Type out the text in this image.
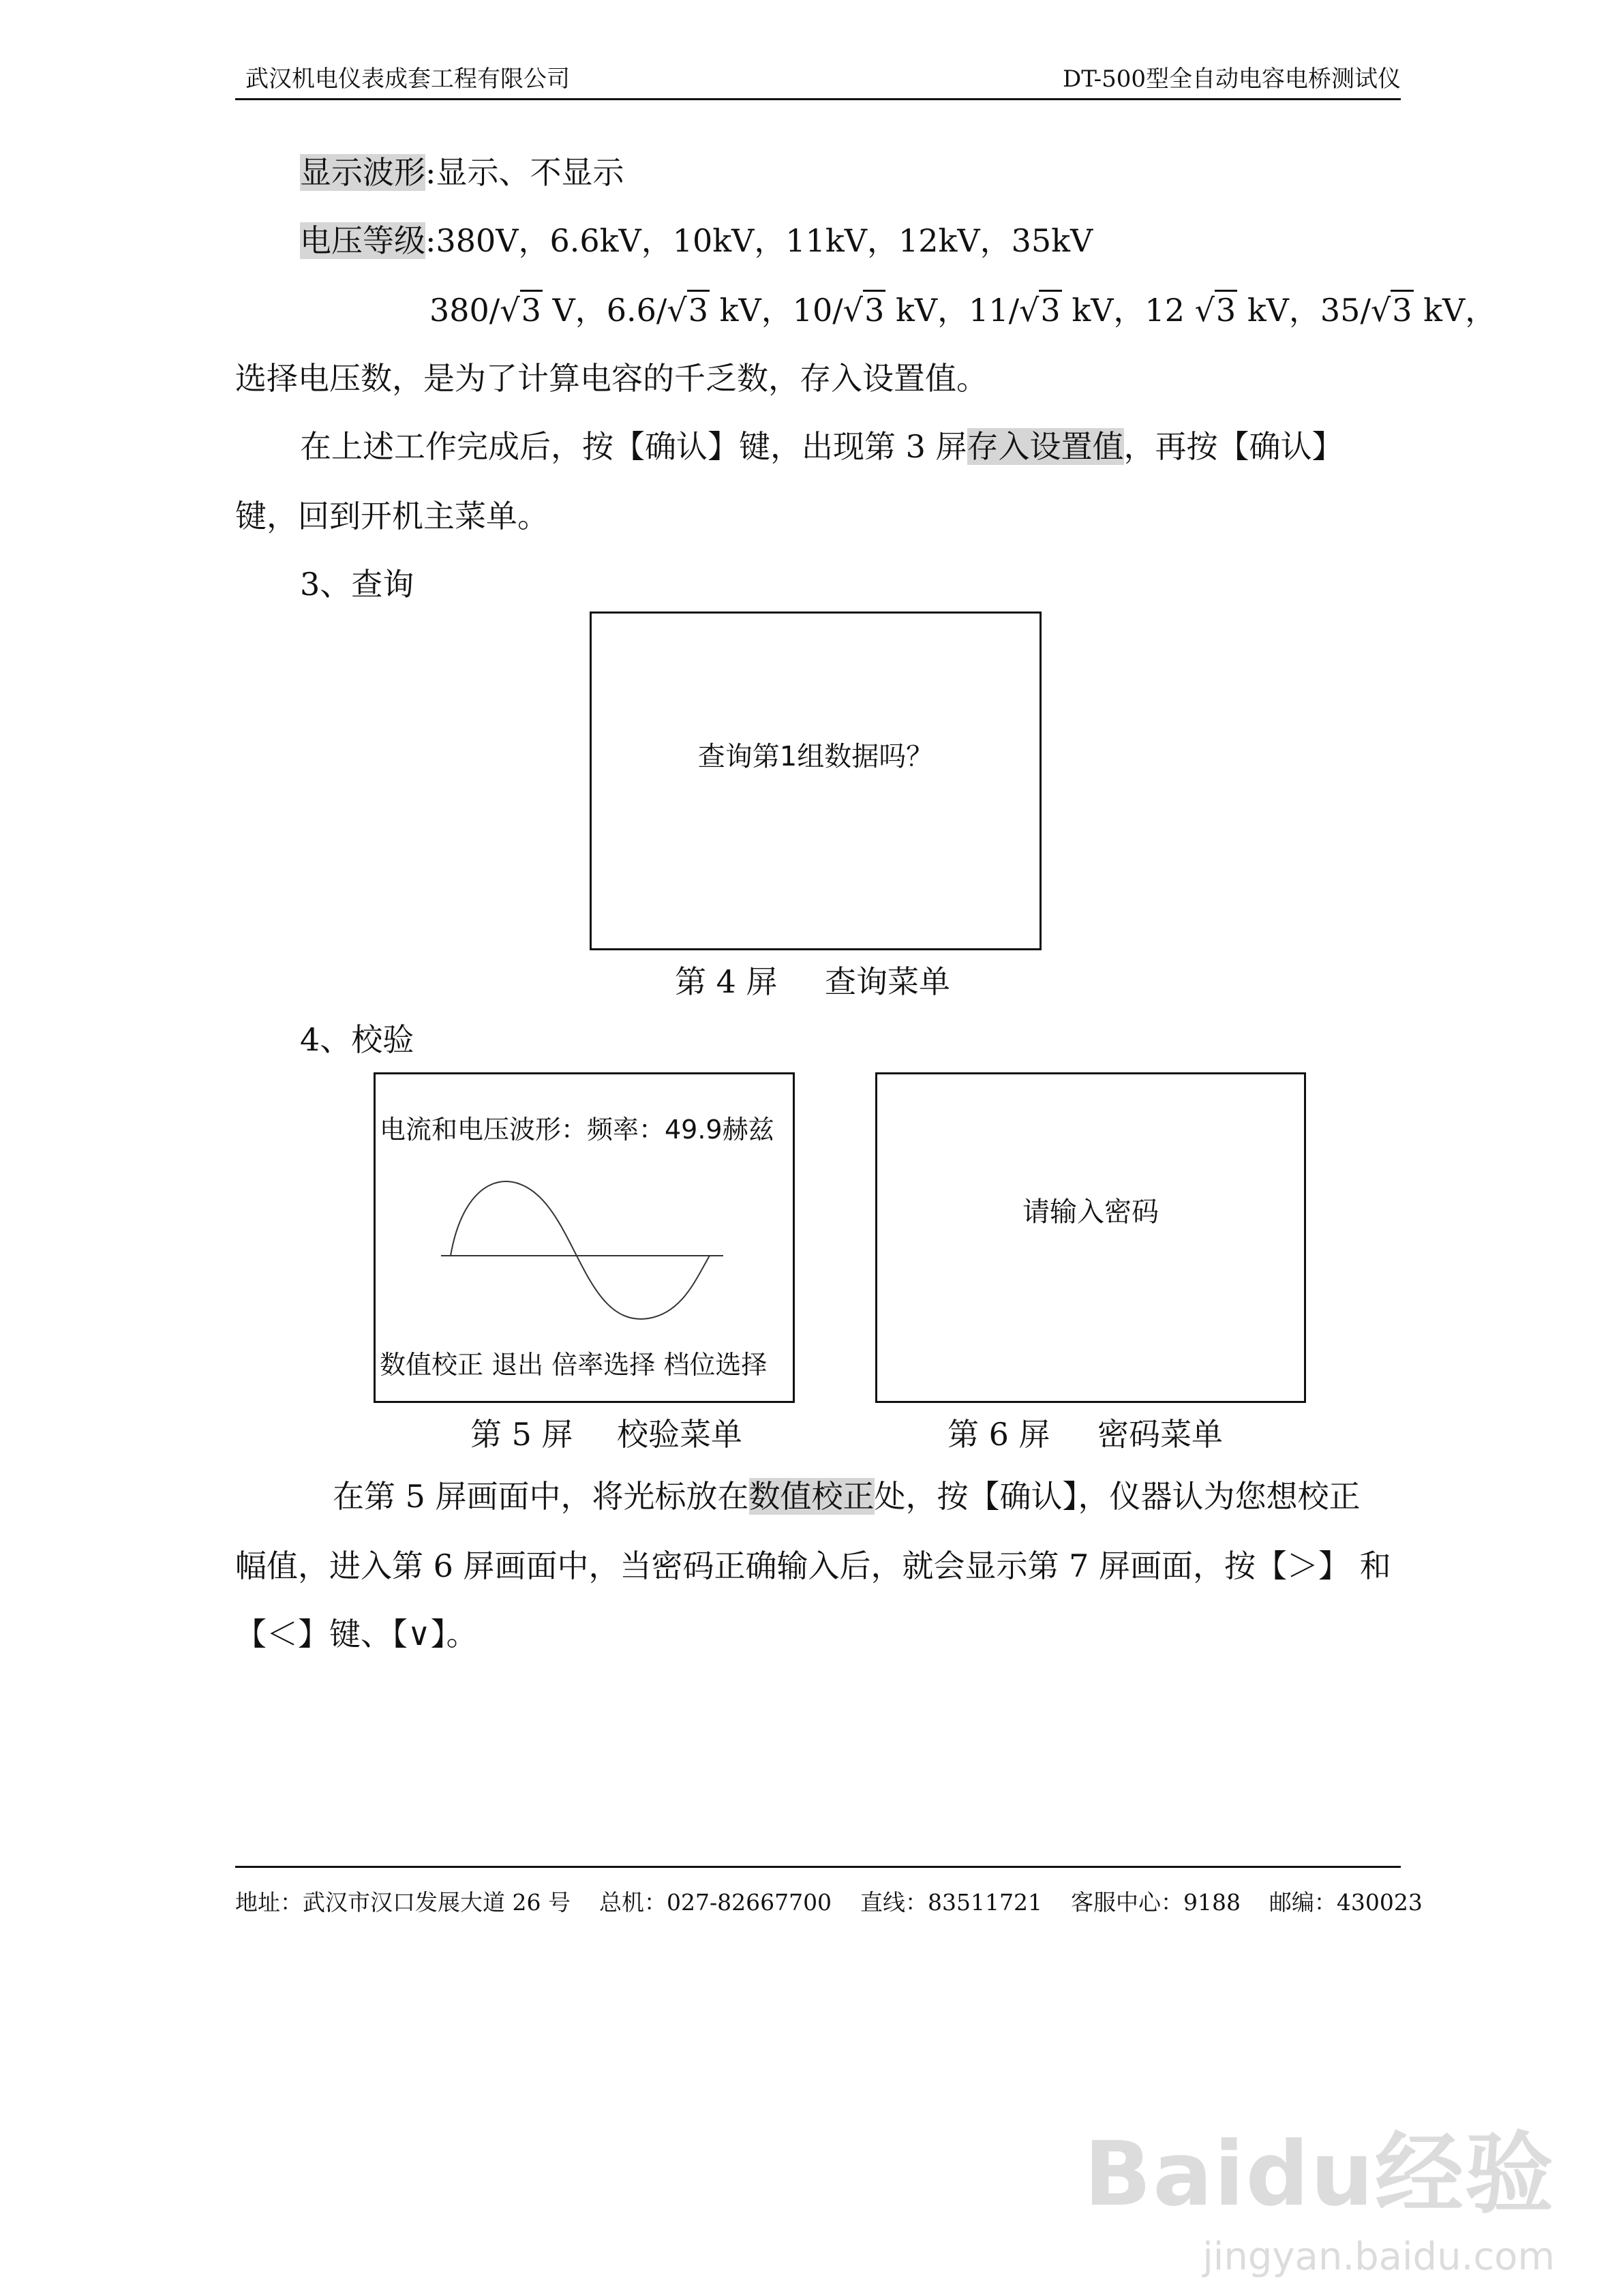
武汉机电仪表成套工程有限公司	DT-500型全自动电容电桥测试仪
显示波形:显示、不显示
电压等级:380V，6.6kV，10kV，11kV，12kV，35kV
380/√3 V，6.6/√3 kV，10/√3 kV，11/√3 kV，12 √3 kV，35/√3 kV，
选择电压数，是为了计算电容的千乏数，存入设置值。
在上述工作完成后，按【确认】键，出现第 3 屏存入设置值，再按【确认】
键，回到开机主菜单。
3、查询
查询第1组数据吗？
第 4 屏 查询菜单
4、校验
电流和电压波形：频率：49.9赫兹
数值校正 退出 倍率选择 档位选择
第 5 屏 校验菜单
请输入密码
第 6 屏 密码菜单
在第 5 屏画面中，将光标放在数值校正处，按【确认】，仪器认为您想校正
幅值，进入第 6 屏画面中，当密码正确输入后，就会显示第 7 屏画面，按【＞】 和
【＜】键、【∨】。
地址：武汉市汉口发展大道 26 号 总机：027-82667700 直线：83511721 客服中心：9188 邮编：430023
Baidu经验
jingyan.baidu.com
